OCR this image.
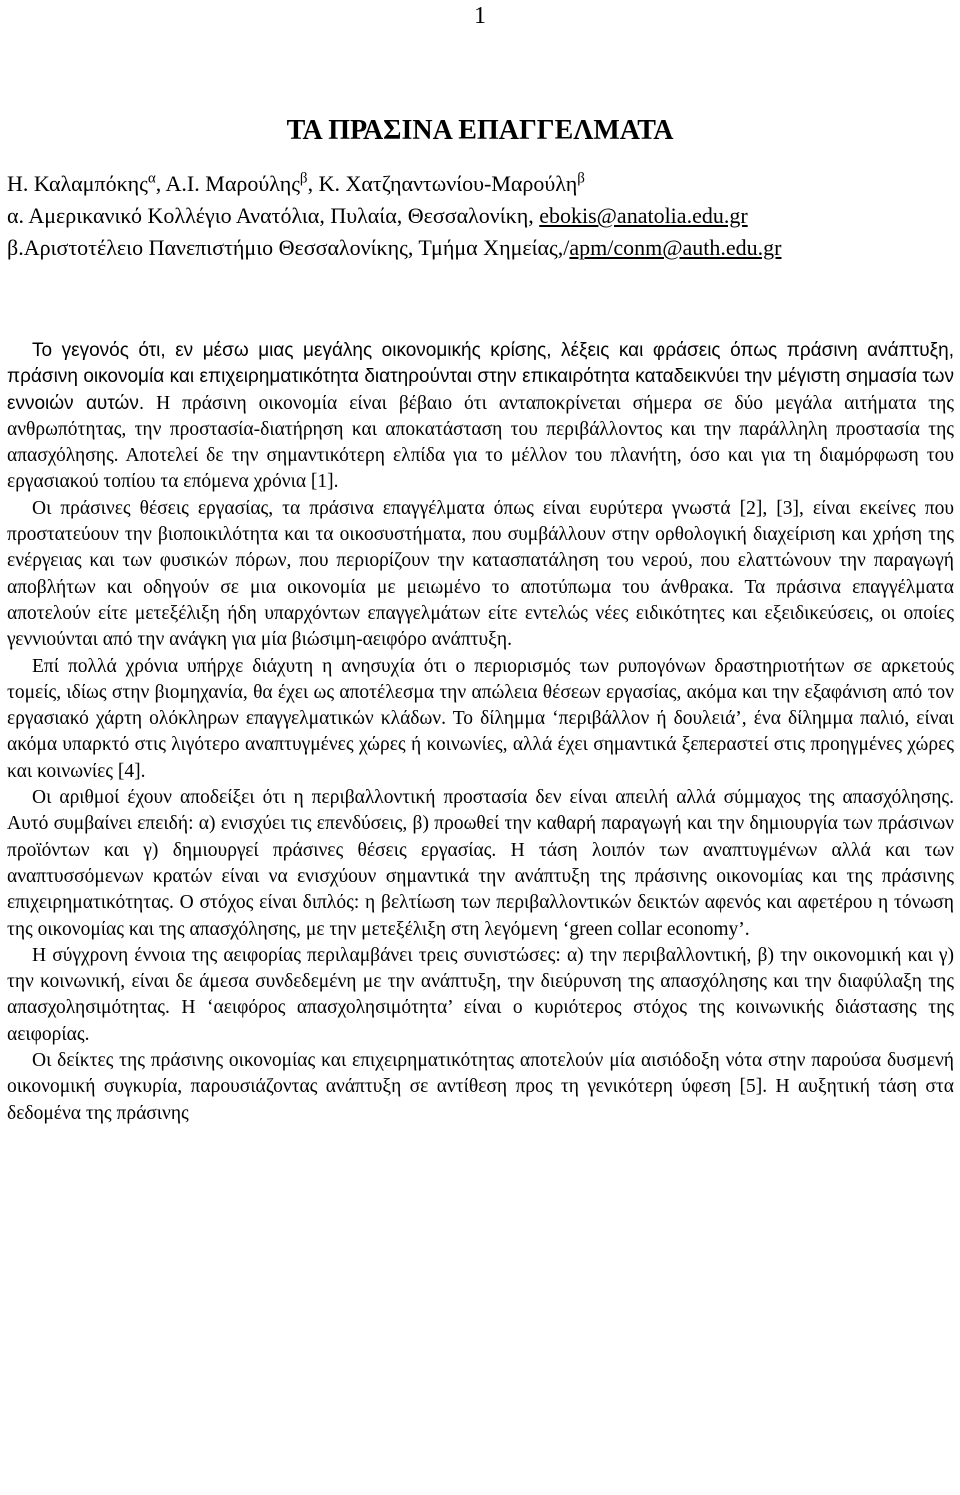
1
ΤΑ ΠΡΑΣΙΝΑ ΕΠΑΓΓΕΛΜΑΤΑ
Η. Καλαμπόκης$^\alpha$, Α.Ι. Μαρούλης$^\beta$, Κ. Χατζηαντωνίου-Μαρούλη$^\beta$
α. Αμερικανικό Κολλέγιο Ανατόλια, Πυλαία, Θεσσαλονίκη, ebokis@anatolia.edu.gr
β.Αριστοτέλειο Πανεπιστήμιο Θεσσαλονίκης, Τμήμα Χημείας,/apm/conm@auth.edu.gr

Το γεγονός ότι, εν μέσω μιας μεγάλης οικονομικής κρίσης, λέξεις και φράσεις όπως πράσινη ανάπτυξη, πράσινη οικονομία και επιχειρηματικότητα διατηρούνται στην επικαιρότητα καταδεικνύει την μέγιστη σημασία των εννοιών αυτών. Η πράσινη οικονομία είναι βέβαιο ότι ανταποκρίνεται σήμερα σε δύο μεγάλα αιτήματα της ανθρωπότητας, την προστασία-διατήρηση και αποκατάσταση του περιβάλλοντος και την παράλληλη προστασία της απασχόλησης. Αποτελεί δε την σημαντικότερη ελπίδα για το μέλλον του πλανήτη, όσο και για τη διαμόρφωση του εργασιακού τοπίου τα επόμενα χρόνια [1].

Οι πράσινες θέσεις εργασίας, τα πράσινα επαγγέλματα όπως είναι ευρύτερα γνωστά [2], [3], είναι εκείνες που προστατεύουν την βιοποικιλότητα και τα οικοσυστήματα, που συμβάλλουν στην ορθολογική διαχείριση και χρήση της ενέργειας και των φυσικών πόρων, που περιορίζουν την κατασπατάληση του νερού, που ελαττώνουν την παραγωγή αποβλήτων και οδηγούν σε μια οικονομία με μειωμένο το αποτύπωμα του άνθρακα. Τα πράσινα επαγγέλματα αποτελούν είτε μετεξέλιξη ήδη υπαρχόντων επαγγελμάτων είτε εντελώς νέες ειδικότητες και εξειδικεύσεις, οι οποίες γεννιούνται από την ανάγκη για μία βιώσιμη-αειφόρο ανάπτυξη.

Επί πολλά χρόνια υπήρχε διάχυτη η ανησυχία ότι ο περιορισμός των ρυπογόνων δραστηριοτήτων σε αρκετούς τομείς, ιδίως στην βιομηχανία, θα έχει ως αποτέλεσμα την απώλεια θέσεων εργασίας, ακόμα και την εξαφάνιση από τον εργασιακό χάρτη ολόκληρων επαγγελματικών κλάδων. Το δίλημμα ‘περιβάλλον ή δουλειά’, ένα δίλημμα παλιό, είναι ακόμα υπαρκτό στις λιγότερο αναπτυγμένες χώρες ή κοινωνίες, αλλά έχει σημαντικά ξεπεραστεί στις προηγμένες χώρες και κοινωνίες [4].

Οι αριθμοί έχουν αποδείξει ότι η περιβαλλοντική προστασία δεν είναι απειλή αλλά σύμμαχος της απασχόλησης. Αυτό συμβαίνει επειδή: α) ενισχύει τις επενδύσεις, β) προωθεί την καθαρή παραγωγή και την δημιουργία των πράσινων προϊόντων και γ) δημιουργεί πράσινες θέσεις εργασίας. Η τάση λοιπόν των αναπτυγμένων αλλά και των αναπτυσσόμενων κρατών είναι να ενισχύουν σημαντικά την ανάπτυξη της πράσινης οικονομίας και της πράσινης επιχειρηματικότητας. Ο στόχος είναι διπλός: η βελτίωση των περιβαλλοντικών δεικτών αφενός και αφετέρου η τόνωση της οικονομίας και της απασχόλησης, με την μετεξέλιξη στη λεγόμενη ‘green collar economy’.

Η σύγχρονη έννοια της αειφορίας περιλαμβάνει τρεις συνιστώσες: α) την περιβαλλοντική, β) την οικονομική και γ) την κοινωνική, είναι δε άμεσα συνδεδεμένη με την ανάπτυξη, την διεύρυνση της απασχόλησης και την διαφύλαξη της απασχολησιμότητας. Η ‘αειφόρος απασχολησιμότητα’ είναι ο κυριότερος στόχος της κοινωνικής διάστασης της αειφορίας.

Οι δείκτες της πράσινης οικονομίας και επιχειρηματικότητας αποτελούν μία αισιόδοξη νότα στην παρούσα δυσμενή οικονομική συγκυρία, παρουσιάζοντας ανάπτυξη σε αντίθεση προς τη γενικότερη ύφεση [5]. Η αυξητική τάση στα δεδομένα της πράσινης
